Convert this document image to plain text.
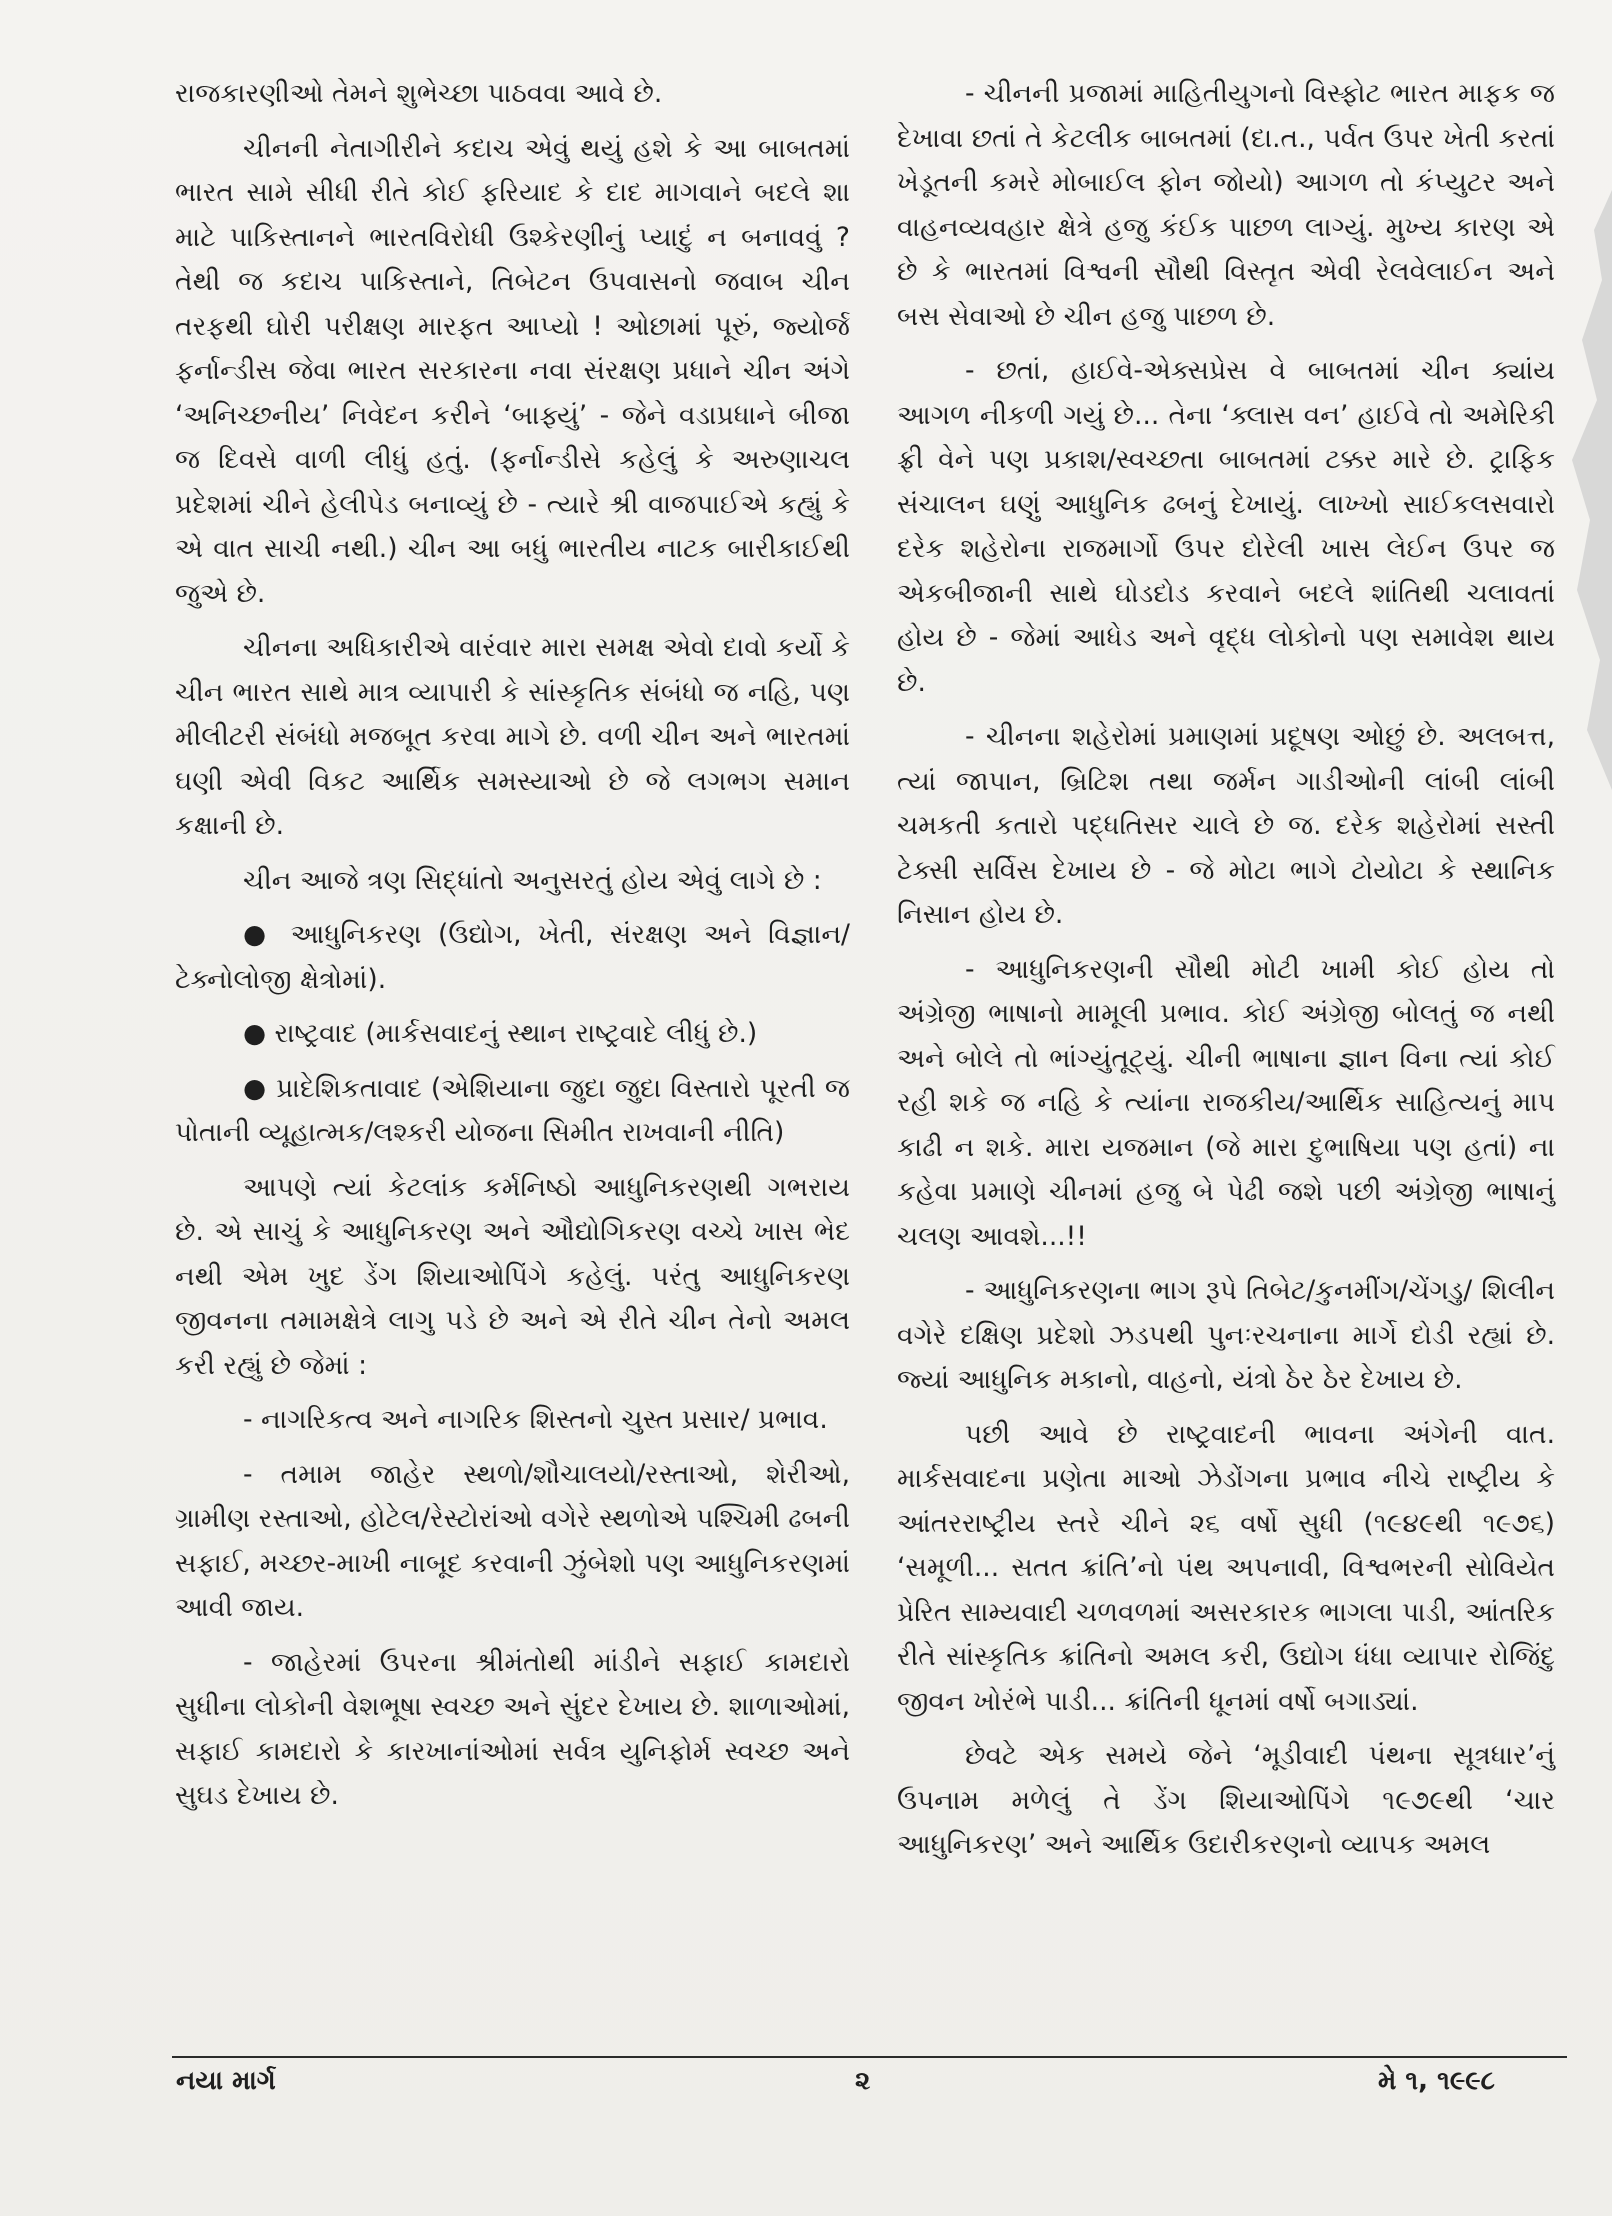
રાજકારણીઓ તેમને શુભેચ્છા પાઠવવા આવે છે.

ચીનની નેતાગીરીને કદાચ એવું થયું હશે કે આ બાબતમાં ભારત સામે સીધી રીતે કોઈ ફરિયાદ કે દાદ માગવાને બદલે શા માટે પાકિસ્તાનને ભારતવિરોધી ઉશ્કેરણીનું પ્યાદું ન બનાવવું ? તેથી જ કદાચ પાકિસ્તાને, તિબેટન ઉપવાસનો જવાબ ચીન તરફથી ઘોરી પરીક્ષણ મારફત આપ્યો ! ઓછામાં પૂરું, જ્યોર્જ ફર્નાન્ડીસ જેવા ભારત સરકારના નવા સંરક્ષણ પ્રધાને ચીન અંગે ‘અનિચ્છનીય’ નિવેદન કરીને ‘બાફ્યું’ - જેને વડાપ્રધાને બીજા જ દિવસે વાળી લીધું હતું. (ફર્નાન્ડીસે કહેલું કે અરુણાચલ પ્રદેશમાં ચીને હેલીપેડ બનાવ્યું છે - ત્યારે શ્રી વાજપાઈએ કહ્યું કે એ વાત સાચી નથી.) ચીન આ બધું ભારતીય નાટક બારીકાઈથી જુએ છે.

ચીનના અધિકારીએ વારંવાર મારા સમક્ષ એવો દાવો કર્યો કે ચીન ભારત સાથે માત્ર વ્યાપારી કે સાંસ્કૃતિક સંબંધો જ નહિ, પણ મીલીટરી સંબંધો મજબૂત કરવા માગે છે. વળી ચીન અને ભારતમાં ઘણી એવી વિકટ આર્થિક સમસ્યાઓ છે જે લગભગ સમાન કક્ષાની છે.

ચીન આજે ત્રણ સિદ્ધાંતો અનુસરતું હોય એવું લાગે છે :

● આધુનિકરણ (ઉદ્યોગ, ખેતી, સંરક્ષણ અને વિજ્ઞાન/ ટેક્નોલોજી ક્ષેત્રોમાં).

● રાષ્ટ્રવાદ (માર્કસવાદનું સ્થાન રાષ્ટ્રવાદે લીધું છે.)

● પ્રાદેશિકતાવાદ (એશિયાના જુદા જુદા વિસ્તારો પૂરતી જ પોતાની વ્યૂહાત્મક/લશ્કરી યોજના સિમીત રાખવાની નીતિ)

આપણે ત્યાં કેટલાંક કર્મનિષ્ઠો આધુનિકરણથી ગભરાય છે. એ સાચું કે આધુનિકરણ અને ઔદ્યોગિકરણ વચ્ચે ખાસ ભેદ નથી એમ ખુદ ડેંગ શિયાઓપિંગે કહેલું. પરંતુ આધુનિકરણ જીવનના તમામક્ષેત્રે લાગુ પડે છે અને એ રીતે ચીન તેનો અમલ કરી રહ્યું છે જેમાં :

- નાગરિકત્વ અને નાગરિક શિસ્તનો ચુસ્ત પ્રસાર/ પ્રભાવ.

- તમામ જાહેર સ્થળો/શૌચાલયો/રસ્તાઓ, શેરીઓ, ગ્રામીણ રસ્તાઓ, હોટેલ/રેસ્ટોરાંઓ વગેરે સ્થળોએ પશ્ચિમી ઢબની સફાઈ, મચ્છર-માખી નાબૂદ કરવાની ઝુંબેશો પણ આધુનિકરણમાં આવી જાય.

- જાહેરમાં ઉપરના શ્રીમંતોથી માંડીને સફાઈ કામદારો સુધીના લોકોની વેશભૂષા સ્વચ્છ અને સુંદર દેખાય છે. શાળાઓમાં, સફાઈ કામદારો કે કારખાનાંઓમાં સર્વત્ર યુનિફોર્મ સ્વચ્છ અને સુઘડ દેખાય છે.

- ચીનની પ્રજામાં માહિતીયુગનો વિસ્ફોટ ભારત માફક જ દેખાવા છતાં તે કેટલીક બાબતમાં (દા.ત., પર્વત ઉપર ખેતી કરતાં ખેડૂતની કમરે મોબાઈલ ફોન જોયો) આગળ તો કંપ્યુટર અને વાહનવ્યવહાર ક્ષેત્રે હજુ કંઈક પાછળ લાગ્યું. મુખ્ય કારણ એ છે કે ભારતમાં વિશ્વની સૌથી વિસ્તૃત એવી રેલવેલાઈન અને બસ સેવાઓ છે ચીન હજુ પાછળ છે.

- છતાં, હાઈવે-એક્સપ્રેસ વે બાબતમાં ચીન ક્યાંય આગળ નીકળી ગયું છે... તેના ‘ક્લાસ વન’ હાઈવે તો અમેરિકી ફ્રી વેને પણ પ્રકાશ/સ્વચ્છતા બાબતમાં ટક્કર મારે છે. ટ્રાફિક સંચાલન ઘણું આધુનિક ઢબનું દેખાયું. લાખ્ખો સાઈકલસવારો દરેક શહેરોના રાજમાર્ગો ઉપર દોરેલી ખાસ લેઈન ઉપર જ એકબીજાની સાથે ઘોડદોડ કરવાને બદલે શાંતિથી ચલાવતાં હોય છે - જેમાં આધેડ અને વૃદ્ધ લોકોનો પણ સમાવેશ થાય છે.

- ચીનના શહેરોમાં પ્રમાણમાં પ્રદૂષણ ઓછું છે. અલબત્ત, ત્યાં જાપાન, બ્રિટિશ તથા જર્મન ગાડીઓની લાંબી લાંબી ચમકતી કતારો પદ્ધતિસર ચાલે છે જ. દરેક શહેરોમાં સસ્તી ટેક્સી સર્વિસ દેખાય છે - જે મોટા ભાગે ટોયોટા કે સ્થાનિક નિસાન હોય છે.

- આધુનિકરણની સૌથી મોટી ખામી કોઈ હોય તો અંગ્રેજી ભાષાનો મામૂલી પ્રભાવ. કોઈ અંગ્રેજી બોલતું જ નથી અને બોલે તો ભાંગ્યુંતૂટ્યું. ચીની ભાષાના જ્ઞાન વિના ત્યાં કોઈ રહી શકે જ નહિ કે ત્યાંના રાજકીય/આર્થિક સાહિત્યનું માપ કાઢી ન શકે. મારા યજમાન (જે મારા દુભાષિયા પણ હતાં) ના કહેવા પ્રમાણે ચીનમાં હજુ બે પેઢી જશે પછી અંગ્રેજી ભાષાનું ચલણ આવશે...!!

- આધુનિકરણના ભાગ રૂપે તિબેટ/કુનમીંગ/ચેંગડુ/ શિલીન વગેરે દક્ષિણ પ્રદેશો ઝડપથી પુનઃરચનાના માર્ગે દોડી રહ્યાં છે. જ્યાં આધુનિક મકાનો, વાહનો, યંત્રો ઠેર ઠેર દેખાય છે.

પછી આવે છે રાષ્ટ્રવાદની ભાવના અંગેની વાત. માર્કસવાદના પ્રણેતા માઓ ઝેડોંગના પ્રભાવ નીચે રાષ્ટ્રીય કે આંતરરાષ્ટ્રીય સ્તરે ચીને ૨૬ વર્ષો સુધી (૧૯૪૯થી ૧૯૭૬) ‘સમૂળી... સતત ક્રાંતિ’નો પંથ અપનાવી, વિશ્વભરની સોવિયેત પ્રેરિત સામ્યવાદી ચળવળમાં અસરકારક ભાગલા પાડી, આંતરિક રીતે સાંસ્કૃતિક ક્રાંતિનો અમલ કરી, ઉદ્યોગ ધંધા વ્યાપાર રોજિંદુ જીવન ખોરંભે પાડી... ક્રાંતિની ધૂનમાં વર્ષો બગાડ્યાં.

છેવટે એક સમયે જેને ‘મૂડીવાદી પંથના સૂત્રધાર’નું ઉપનામ મળેલું તે ડેંગ શિયાઓપિંગે ૧૯૭૯થી ‘ચાર આધુનિકરણ’ અને આર્થિક ઉદારીકરણનો વ્યાપક અમલ

નયા માર્ગ	૨	મે ૧, ૧૯૯૮
